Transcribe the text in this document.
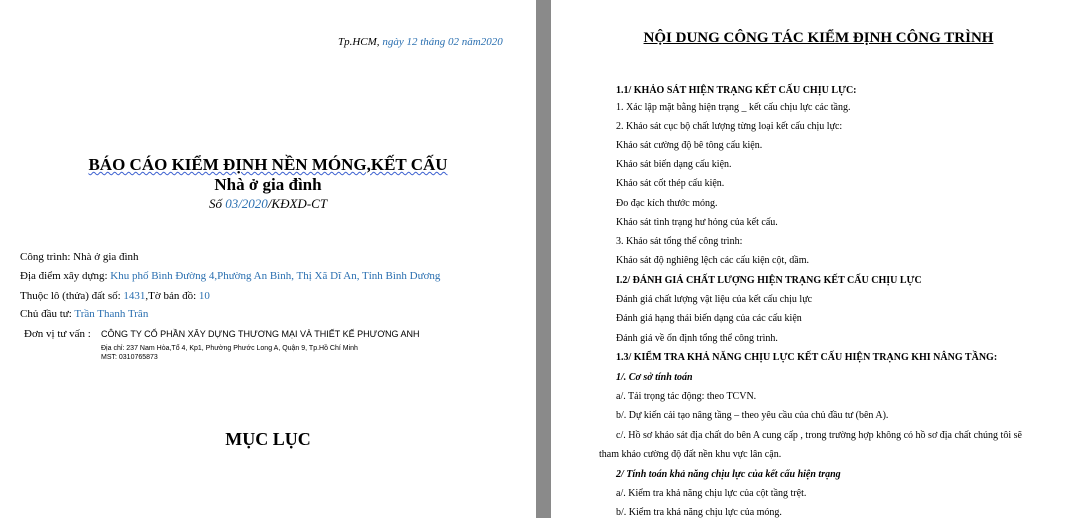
Tp.HCM, ngày 12 tháng 02 năm2020
BÁO CÁO KIỂM ĐỊNH NỀN MÓNG,KẾT CẤU
Nhà ở gia đình
Số 03/2020/KĐXD-CT
Công trình: Nhà ở gia đình
Địa điểm xây dựng: Khu phố Bình Đường 4,Phường An Bình, Thị Xã Dĩ An, Tỉnh Bình Dương
Thuộc lô (thửa) đất số: 1431,Tờ bản đồ: 10
Chủ đầu tư: Trần Thanh Trân
Đơn vị tư vấn : CÔNG TY CỔ PHẦN XÂY DỰNG THƯƠNG MẠI VÀ THIẾT KẾ PHƯƠNG ANH
Địa chỉ: 237 Nam Hòa,Tổ 4, Kp1, Phường Phước Long A, Quận 9, Tp.Hồ Chí Minh
MST: 0310765873
MỤC LỤC
NỘI DUNG CÔNG TÁC KIỂM ĐỊNH CÔNG TRÌNH
1.1/ KHẢO SÁT HIỆN TRẠNG KẾT CẤU CHỊU LỰC:
1. Xác lập mặt bằng hiện trạng _ kết cấu chịu lực các tầng.
2. Khảo sát cục bộ chất lượng từng loại kết cấu chịu lực:
Khảo sát cường độ bê tông cấu kiện.
Khảo sát biến dạng cấu kiện.
Khảo sát cốt thép cấu kiện.
Đo đạc kích thước móng.
Khảo sát tình trạng hư hỏng của kết cấu.
3. Khảo sát tổng thể công trình:
Khảo sát độ nghiêng lệch các cấu kiện cột, dầm.
I.2/ ĐÁNH GIÁ CHẤT LƯỢNG HIỆN TRẠNG KẾT CẤU CHỊU LỰC
Đánh giá chất lượng vật liệu của kết cấu chịu lực
Đánh giá hạng thái biến dạng của các cấu kiện
Đánh giá về ổn định tổng thể công trình.
1.3/ KIỂM TRA KHẢ NĂNG CHỊU LỰC KẾT CẤU HIỆN TRẠNG KHI NÂNG TẦNG:
1/. Cơ sở tính toán
a/. Tải trọng tác động: theo TCVN.
b/. Dự kiến cải tạo nâng tầng – theo yêu cầu của chủ đầu tư (bên A).
c/. Hồ sơ khảo sát địa chất do bên A cung cấp , trong trường hợp không có hồ sơ địa chất chúng tôi sẽ
tham khảo cường độ đất nền khu vực lân cận.
2/ Tính toán khả năng chịu lực của kết cấu hiện trạng
a/. Kiểm tra khả năng chịu lực của cột tầng trệt.
b/. Kiểm tra khả năng chịu lực của móng.
